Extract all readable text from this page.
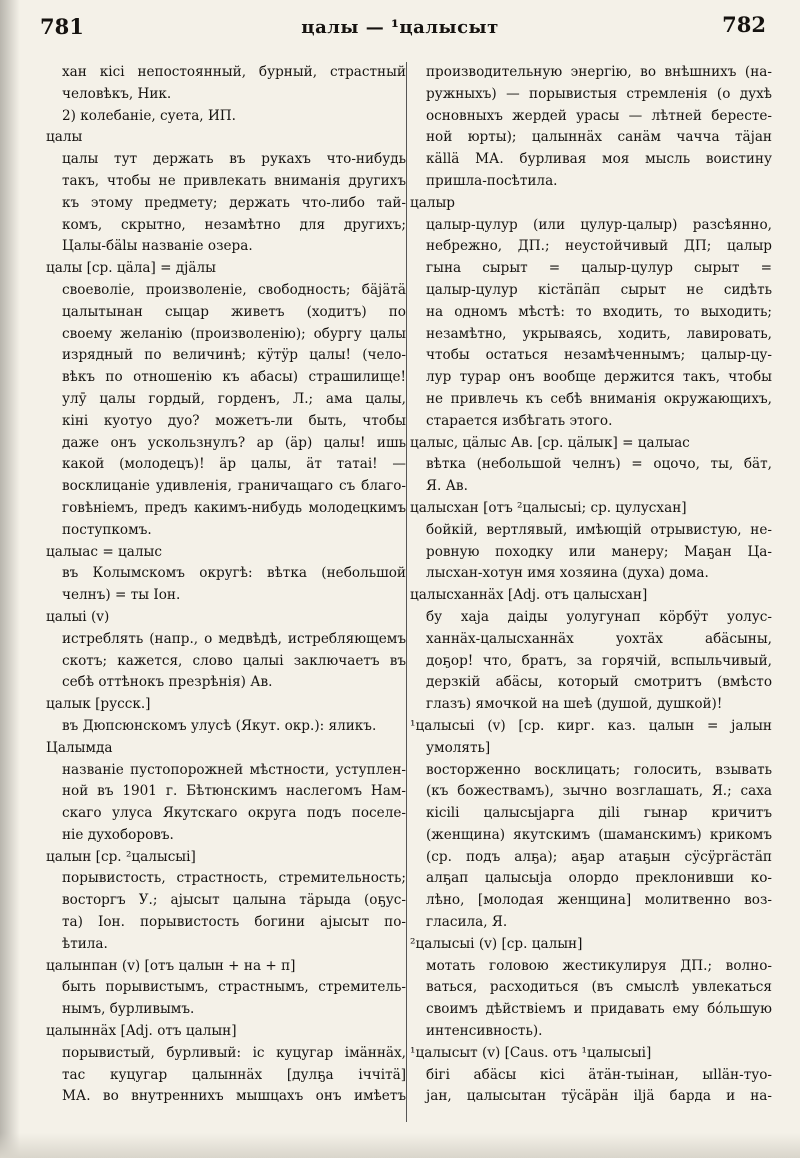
781	цалы — ¹цалысыт	782
хан кісі непостоянный, бурный, страстный
человѣкъ, Ник.
2) колебаніе, суета, ИП.
цалы
цалы тут держать въ рукахъ что-нибудь
такъ, чтобы не привлекать вниманія другихъ
къ этому предмету; держать что-либо тай-
комъ, скрытно, незамѣтно для другихъ;
Цалы-бälы названіе озера.
цалы [ср. цäла] = дjäлы
своеволіе, произволеніе, свободность; бäjäтä
цалытынан сыцар живетъ (ходитъ) по
своему желанію (произволенію); обургу цалы
изрядный по величинѣ; кӱтӱр цалы! (чело-
вѣкъ по отношенію къ абасы) страшилище!
улӯ цалы гордый, горденъ, Л.; ама цалы,
кіні куотуо дуо? можетъ-ли быть, чтобы
даже онъ ускользнулъ? ар (äр) цалы! ишь
какой (молодецъ)! äр цалы, äт татаі! —
восклицаніе удивленія, граничащаго съ благо-
говѣніемъ, предъ какимъ-нибудь молодецкимъ
поступкомъ.
цалыас = цалыс
въ Колымскомъ округѣ: вѣтка (небольшой
челнъ) = ты Іон.
цалыі (v)
истреблять (напр., о медвѣдѣ, истребляющемъ
скотъ; кажется, слово цалыі заключаетъ въ
себѣ оттѣнокъ презрѣнія) Ав.
цалык [русск.]
въ Дюпсюнскомъ улусѣ (Якут. окр.): яликъ.
Цалымда
названіе пустопорожней мѣстности, уступлен-
ной въ 1901 г. Бѣтюнскимъ наслегомъ Нам-
скаго улуса Якутскаго округа подъ поселе-
ніе духоборовъ.
цалын [ср. ²цалысыі]
порывистость, страстность, стремительность;
восторгъ У.; аjысыт цалына тäрыда (оҕус-
та) Іон. порывистость богини аjысыт по-
ѣтила.
цалынпан (v) [отъ цалын + на + п]
быть порывистымъ, страстнымъ, стремитель-
нымъ, бурливымъ.
цалыннäх [Adj. отъ цалын]
порывистый, бурливый: іс куцугар імäннäх,
тас куцугар цалыннäх [дулҕа іччітä]
МА. во внутреннихъ мышцахъ онъ имѣетъ
производительную энергію, во внѣшнихъ (на-
ружныхъ) — порывистыя стремленія (о духѣ
основныхъ жердей урасы — лѣтней бересте-
ной юрты); цалыннäх санäм чачча тäjан
кällä МА. бурливая моя мысль воистину
пришла-посѣтила.
цалыр
цалыр-цулур (или цулур-цалыр) разсѣянно,
небрежно, ДП.; неустойчивый ДП; цалыр
гына сырыт = цалыр-цулур сырыт =
цалыр-цулур кістäпäп сырыт не сидѣть
на одномъ мѣстѣ: то входить, то выходить;
незамѣтно, укрываясь, ходить, лавировать,
чтобы остаться незамѣченнымъ; цалыр-цу-
лур турар онъ вообще держится такъ, чтобы
не привлечь къ себѣ вниманія окружающихъ,
старается избѣгать этого.
цалыс, цäлыс Ав. [ср. цäлык] = цалыас
вѣтка (небольшой челнъ) = оцочо, ты, бäт,
Я. Ав.
цалысхан [отъ ²цалысыі; ср. цулусхан]
бойкій, вертлявый, имѣющій отрывистую, не-
ровную походку или манеру; Маҕан Ца-
лысхан-хотун имя хозяина (духа) дома.
цалысханнäх [Adj. отъ цалысхан]
бу хаjа даіды уолугунап кöрбӱт уолус-
ханнäх-цалысханнäх уохтäх абäсыны,
доҕор! что, братъ, за горячій, вспыльчивый,
дерзкій абäсы, который смотритъ (вмѣсто
глазъ) ямочкой на шеѣ (душой, душкой)!
¹цалысыі (v) [ср. кирг. каз. цалын = jалын
умолять]
восторженно восклицать; голосить, взывать
(къ божествамъ), зычно возглашать, Я.; саха
кісіlі цалысыjарга діlі гынар кричитъ
(женщина) якутскимъ (шаманскимъ) крикомъ
(ср. подъ алҕа); аҕар атаҕын сӱсӱргäстäп
алҕап цалысыjа олордо преклонивши ко-
лѣно, [молодая женщина] молитвенно воз-
гласила, Я.
²цалысыі (v) [ср. цалын]
мотать головою жестикулируя ДП.; волно-
ваться, расходиться (въ смыслѣ увлекаться
своимъ дѣйствіемъ и придавать ему бóльшую
интенсивность).
¹цалысыт (v) [Caus. отъ ¹цалысыі]
бігі абäсы кісі äтäн-тыінан, ыlläн-туо-
jан, цалысытан тӱсäрäн іljä барда и на-
